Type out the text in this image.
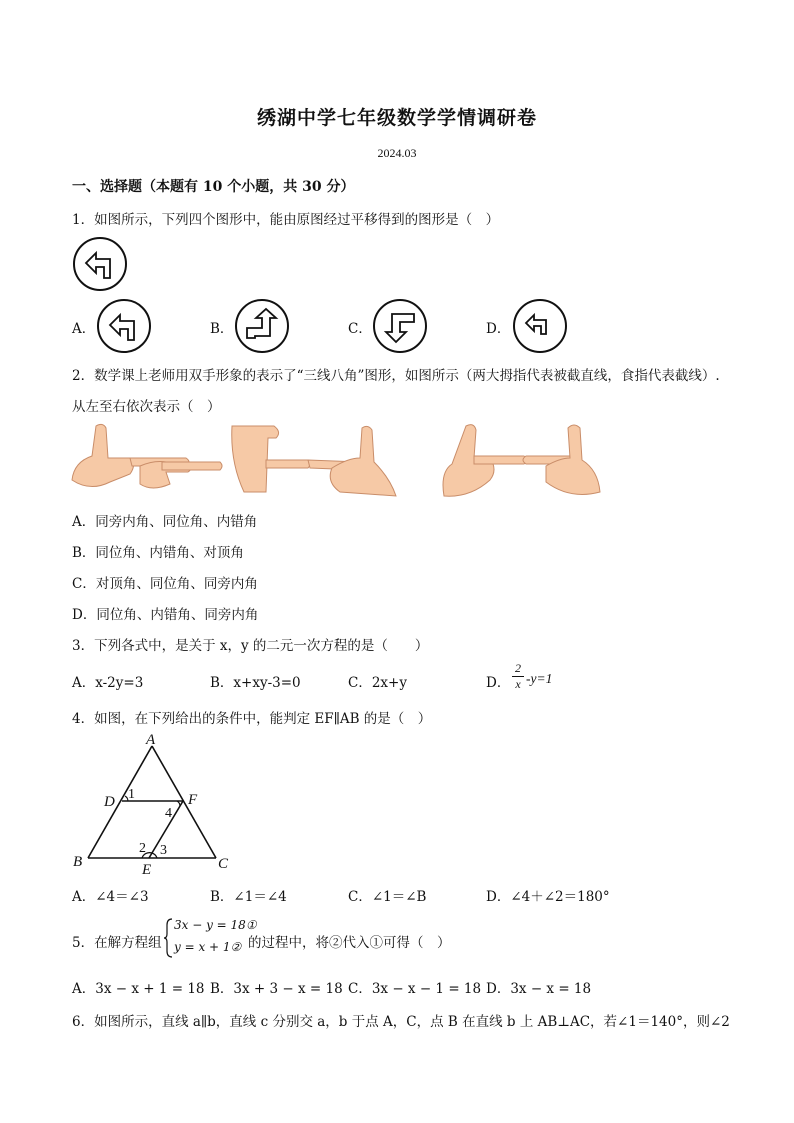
绣湖中学七年级数学学情调研卷
2024.03
一、选择题（本题有 10 个小题，共 30 分）
1．如图所示，下列四个图形中，能由原图经过平移得到的图形是（　）
A．	B．	C．	D．
2．数学课上老师用双手形象的表示了“三线八角”图形，如图所示（两大拇指代表被截直线，食指代表截线）.
从左至右依次表示（　）
A．同旁内角、同位角、内错角
B．同位角、内错角、对顶角
C．对顶角、同位角、同旁内角
D．同位角、内错角、同旁内角
3．下列各式中，是关于 x，y 的二元一次方程的是（　　）
A．x-2y=3	B．x+xy-3=0	C．2x+y	D． $\frac{2}{x} -y=1$
4．如图，在下列给出的条件中，能判定 EF∥AB 的是（　）
A
D	F
B	E	C
1
4
2 3
A．∠4＝∠3	B．∠1＝∠4	C．∠1＝∠B	D．∠4＋∠2＝180°
5．在解方程组
3x − y = 18①
y = x + 1② 的过程中，将②代入①可得（　）
A．3x − x + 1 = 18 B．3x + 3 − x = 18 C．3x − x − 1 = 18 D．3x − x = 18
6．如图所示，直线 a∥b，直线 c 分别交 a，b 于点 A，C，点 B 在直线 b 上 AB⊥AC，若∠1＝140°，则∠2
